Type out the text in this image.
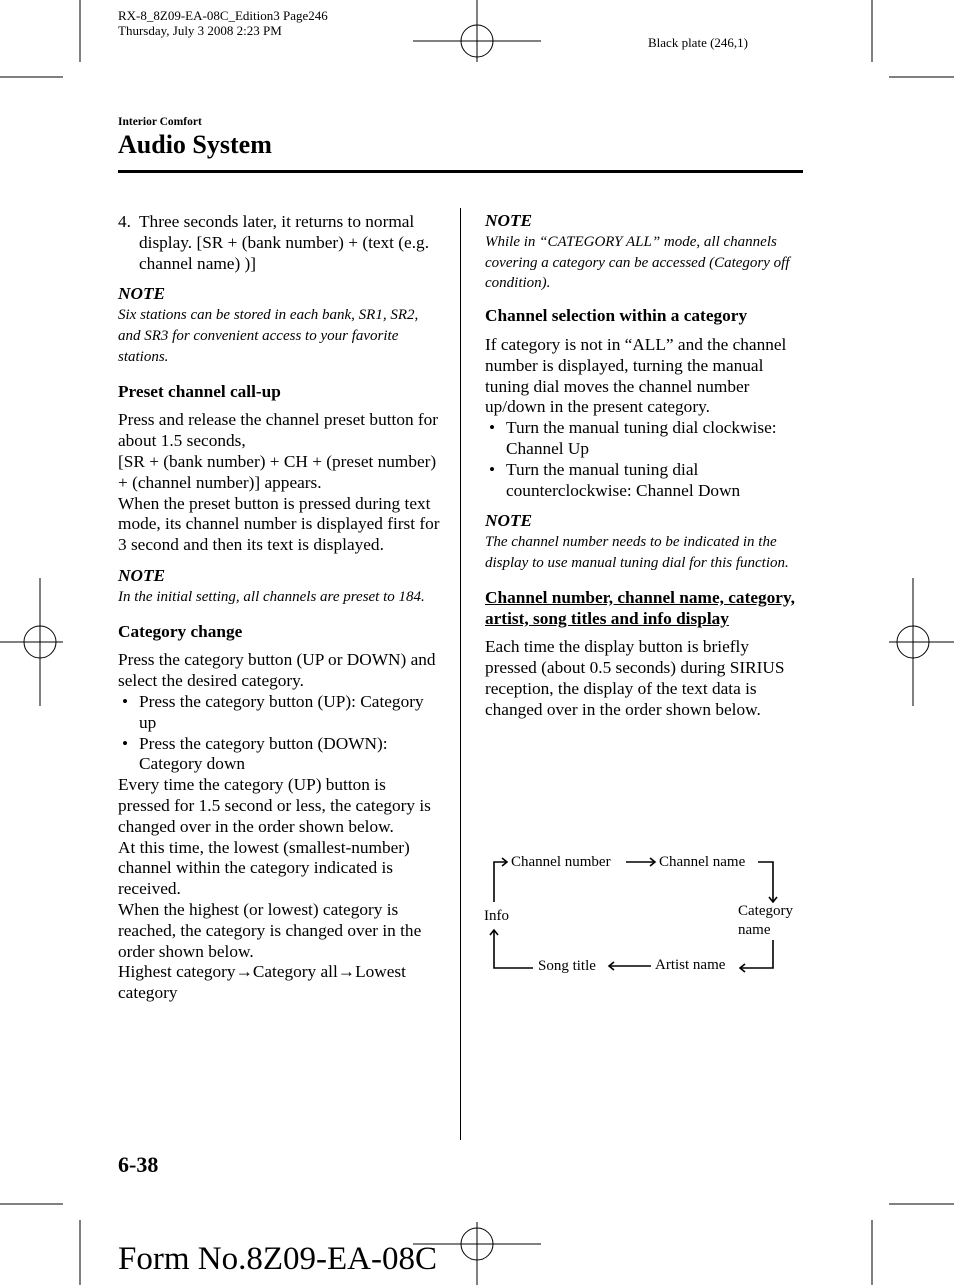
RX-8_8Z09-EA-08C_Edition3 Page246
Thursday, July 3 2008 2:23 PM
Black plate (246,1)
Interior Comfort
Audio System
4. Three seconds later, it returns to normal display. [SR + (bank number) + (text (e.g. channel name) )]

NOTE

Six stations can be stored in each bank, SR1, SR2, and SR3 for convenient access to your favorite stations.

Preset channel call-up

Press and release the channel preset button for about 1.5 seconds,

[SR + (bank number) + CH + (preset number) + (channel number)] appears.

When the preset button is pressed during text mode, its channel number is displayed first for 3 second and then its text is displayed.

NOTE

In the initial setting, all channels are preset to 184.

Category change

Press the category button (UP or DOWN) and select the desired category.

• Press the category button (UP): Category up
• Press the category button (DOWN): Category down

Every time the category (UP) button is pressed for 1.5 second or less, the category is changed over in the order shown below.

At this time, the lowest (smallest-number) channel within the category indicated is received.

When the highest (or lowest) category is reached, the category is changed over in the order shown below.

Highest category→Category all→Lowest category

NOTE

While in “CATEGORY ALL” mode, all channels covering a category can be accessed (Category off condition).

Channel selection within a category

If category is not in “ALL” and the channel number is displayed, turning the manual tuning dial moves the channel number up/down in the present category.

• Turn the manual tuning dial clockwise: Channel Up
• Turn the manual tuning dial counterclockwise: Channel Down

NOTE

The channel number needs to be indicated in the display to use manual tuning dial for this function.

Channel number, channel name, category, artist, song titles and info display

Each time the display button is briefly pressed (about 0.5 seconds) during SIRIUS reception, the display of the text data is changed over in the order shown below.

Channel number	Channel name
Category name
Artist name
Song title
Info
6-38
Form No.8Z09-EA-08C
